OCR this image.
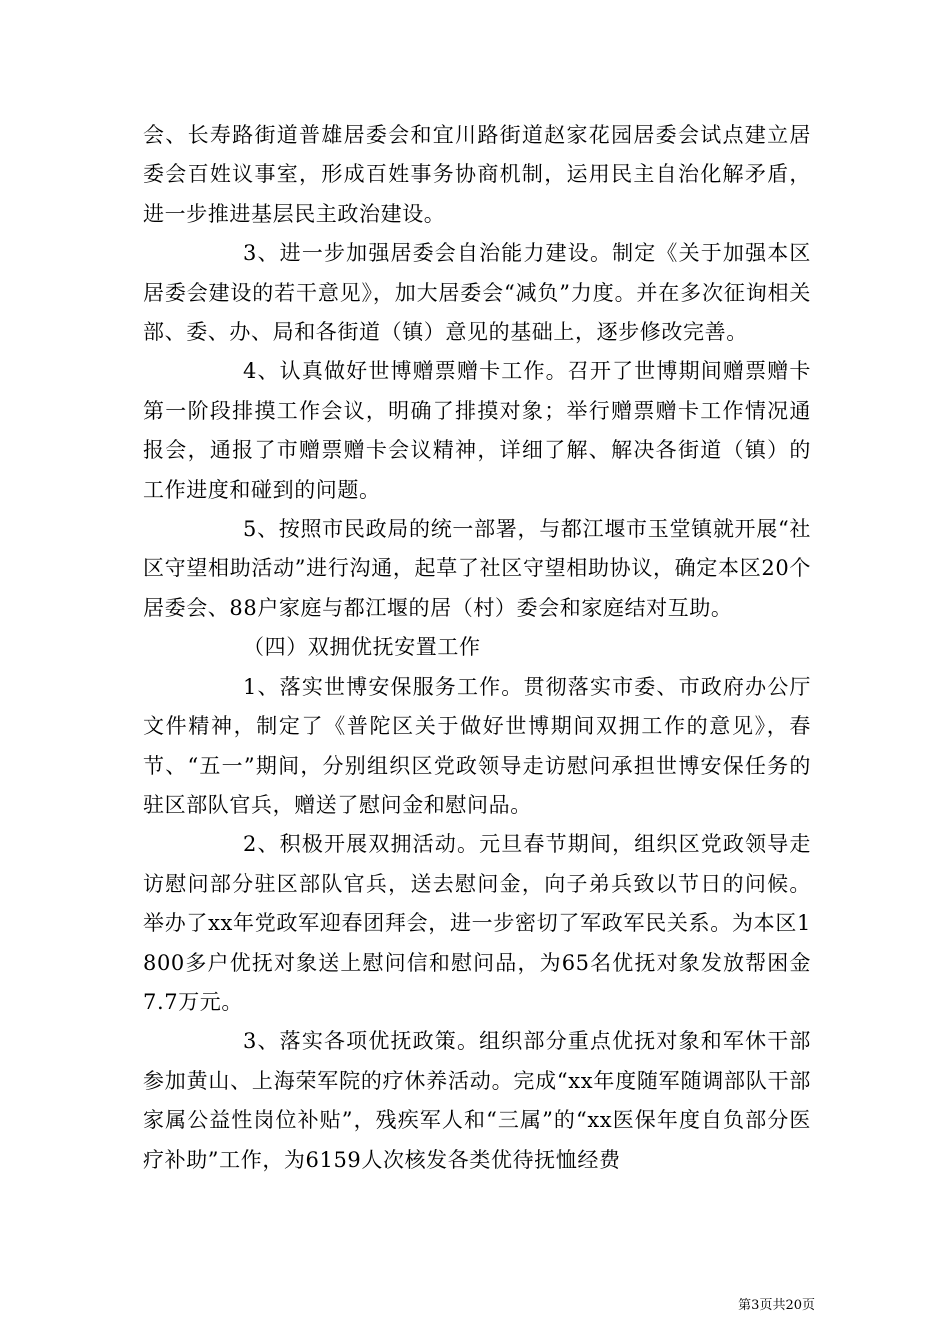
会、长寿路街道普雄居委会和宜川路街道赵家花园居委会试点建立居委会百姓议事室，形成百姓事务协商机制，运用民主自治化解矛盾，进一步推进基层民主政治建设。

3、进一步加强居委会自治能力建设。制定《关于加强本区居委会建设的若干意见》，加大居委会“减负”力度。并在多次征询相关部、委、办、局和各街道（镇）意见的基础上，逐步修改完善。

4、认真做好世博赠票赠卡工作。召开了世博期间赠票赠卡第一阶段排摸工作会议，明确了排摸对象；举行赠票赠卡工作情况通报会，通报了市赠票赠卡会议精神，详细了解、解决各街道（镇）的工作进度和碰到的问题。

5、按照市民政局的统一部署，与都江堰市玉堂镇就开展“社区守望相助活动”进行沟通，起草了社区守望相助协议，确定本区20个居委会、88户家庭与都江堰的居（村）委会和家庭结对互助。

（四）双拥优抚安置工作

1、落实世博安保服务工作。贯彻落实市委、市政府办公厅文件精神，制定了《普陀区关于做好世博期间双拥工作的意见》，春节、“五一”期间，分别组织区党政领导走访慰问承担世博安保任务的驻区部队官兵，赠送了慰问金和慰问品。

2、积极开展双拥活动。元旦春节期间，组织区党政领导走访慰问部分驻区部队官兵，送去慰问金，向子弟兵致以节日的问候。举办了xx年党政军迎春团拜会，进一步密切了军政军民关系。为本区1800多户优抚对象送上慰问信和慰问品，为65名优抚对象发放帮困金7.7万元。

3、落实各项优抚政策。组织部分重点优抚对象和军休干部参加黄山、上海荣军院的疗休养活动。完成“xx年度随军随调部队干部家属公益性岗位补贴”，残疾军人和“三属”的“xx医保年度自负部分医疗补助”工作，为6159人次核发各类优待抚恤经费

第3页共20页
